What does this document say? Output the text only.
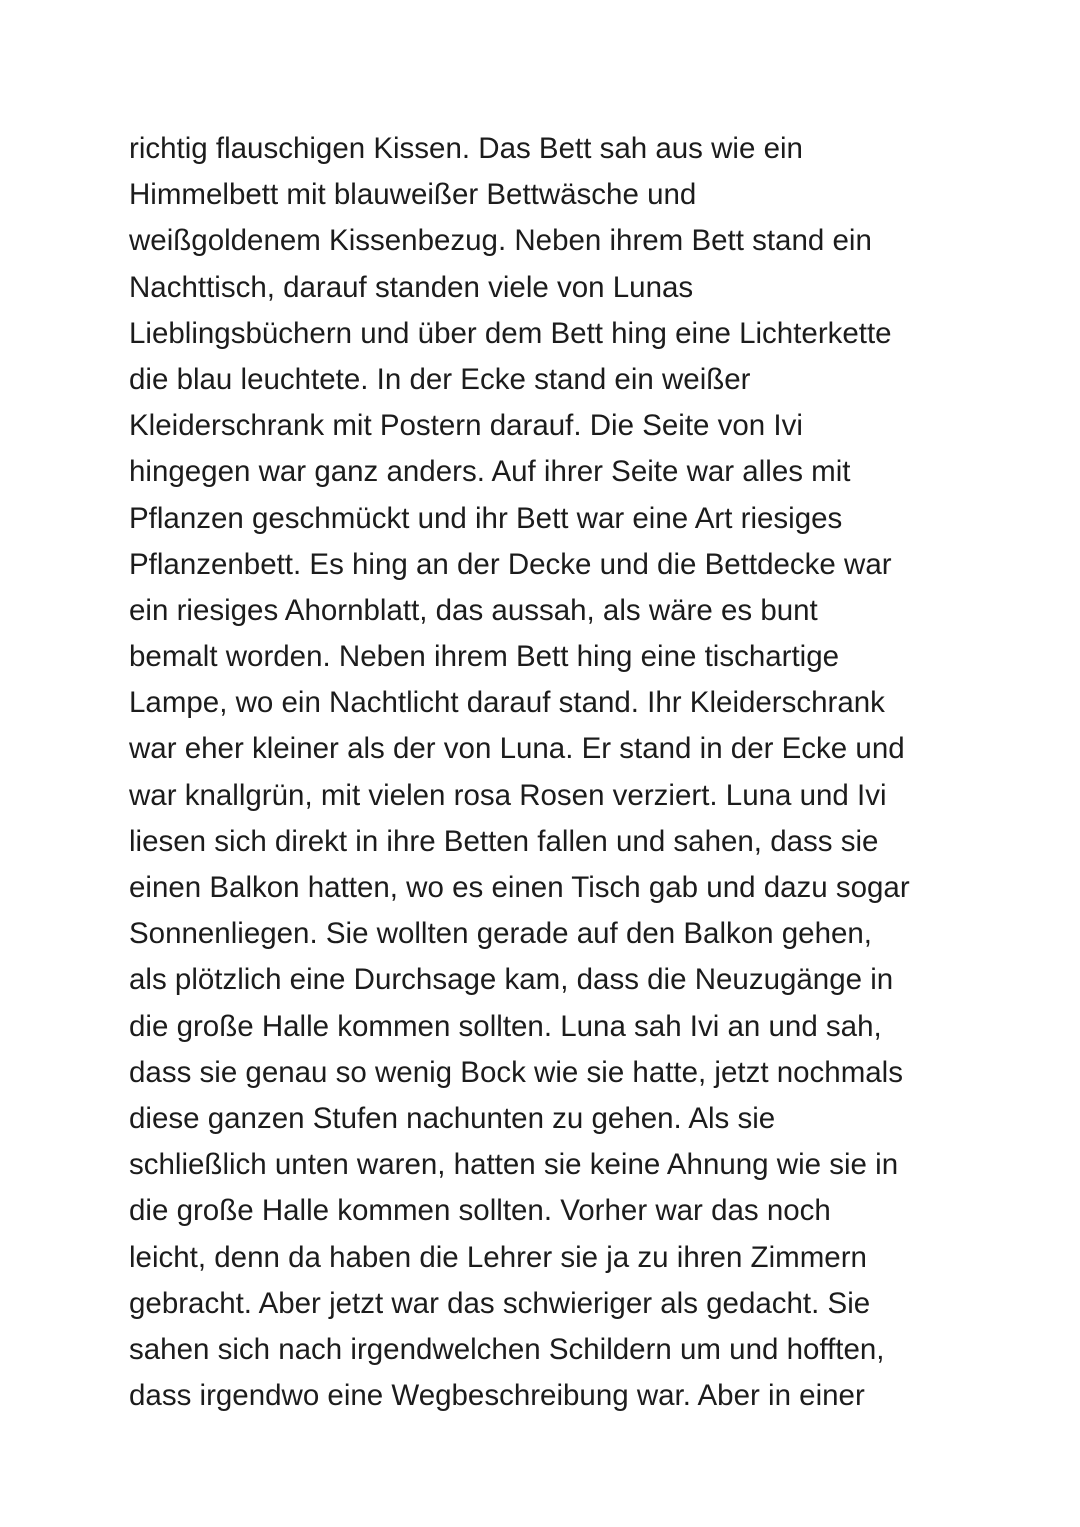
richtig flauschigen Kissen. Das Bett sah aus wie ein
Himmelbett mit blauweißer Bettwäsche und
weißgoldenem Kissenbezug. Neben ihrem Bett stand ein
Nachttisch, darauf standen viele von Lunas
Lieblingsbüchern und über dem Bett hing eine Lichterkette
die blau leuchtete. In der Ecke stand ein weißer
Kleiderschrank mit Postern darauf. Die Seite von Ivi
hingegen war ganz anders. Auf ihrer Seite war alles mit
Pflanzen geschmückt und ihr Bett war eine Art riesiges
Pflanzenbett. Es hing an der Decke und die Bettdecke war
ein riesiges Ahornblatt, das aussah, als wäre es bunt
bemalt worden. Neben ihrem Bett hing eine tischartige
Lampe, wo ein Nachtlicht darauf stand. Ihr Kleiderschrank
war eher kleiner als der von Luna. Er stand in der Ecke und
war knallgrün, mit vielen rosa Rosen verziert. Luna und Ivi
liesen sich direkt in ihre Betten fallen und sahen, dass sie
einen Balkon hatten, wo es einen Tisch gab und dazu sogar
Sonnenliegen. Sie wollten gerade auf den Balkon gehen,
als plötzlich eine Durchsage kam, dass die Neuzugänge in
die große Halle kommen sollten. Luna sah Ivi an und sah,
dass sie genau so wenig Bock wie sie hatte, jetzt nochmals
diese ganzen Stufen nachunten zu gehen. Als sie
schließlich unten waren, hatten sie keine Ahnung wie sie in
die große Halle kommen sollten. Vorher war das noch
leicht, denn da haben die Lehrer sie ja zu ihren Zimmern
gebracht. Aber jetzt war das schwieriger als gedacht. Sie
sahen sich nach irgendwelchen Schildern um und hofften,
dass irgendwo eine Wegbeschreibung war. Aber in einer
